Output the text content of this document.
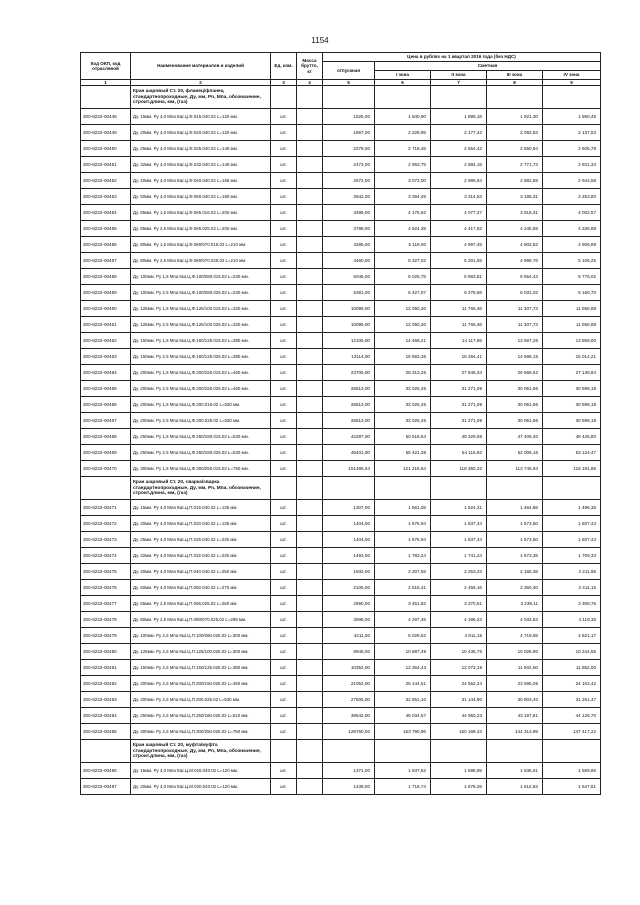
1154
Код ОКП, код отраслевой	Наименование материалов и изделий	Ед. изм.	Масса брутто, кг	Цена в рублях на 1 квартал 2016 года (без НДС)				
				отпускная	Сметная			
					I зона	II зона	III зона	IV зона
1	2	3	4	5	6	7	8	9
	Кран шаровый Ст. 20, фланец/фланец стандартнопроходные, Ду, мм, Рn, Мпа, обозначение, строит.длина, мм, (газ)							
300-8232-00448	Ду. 15мм. Ру 4,0 Мпа КШ.Ц.Ф.015.040.02 L=120 мм.	шт.		1525,00	1 840,90	1 895,18	1 921,30	1 860,45
300-8232-00449	Ду. 20мм. Ру 4,0 Мпа КШ.Ц.Ф.020.040.02 L=120 мм.	шт.		1867,00	2 229,95	2 177,42	2 092,53	2 137,53
300-8232-00450	Ду. 25мм. Ру 4,0 Мпа КШ.Ц.Ф.025.040.02 L=140 мм.	шт.		2278,00	2 718,45	2 654,42	2 550,94	2 605,79
300-8232-00451	Ду. 32мм. Ру 4,0 Мпа КШ.Ц.Ф.032.040.02 L=140 мм.	шт.		2473,00	2 953,75	2 884,15	2 771,73	2 831,34
300-8232-00452	Ду. 40мм. Ру 4,0 Мпа КШ.Ц.Ф.040.040.02 L=165 мм.	шт.		2572,00	3 072,00	2 999,64	2 882,59	2 944,58
300-8232-00453	Ду. 50мм. Ру 4,0 Мпа КШ.Ц.Ф.050.040.02 L=180 мм.	шт.		2842,00	3 394,49	3 314,53	3 185,31	3 253,80
300-8232-00454	Ду. 65мм. Ру 1,6 Мпа КШ.Ц.Ф.065.016.02 L=200 мм.	шт.		3496,00	4 175,62	4 077,27	3 918,31	4 002,57
300-8232-00455	Ду. 65мм. Ру 2,5 Мпа КШ.Ц.Ф.065.025.02 L=200 мм.	шт.		3788,00	4 524,39	4 417,82	4 245,59	4 336,88
300-8232-00456	Ду. 80мм. Ру 1,6 Мпа КШ.Ц.Ф.080/070.016.02 L=210 мм.	шт.		4285,00	5 118,00	4 997,45	4 802,62	4 905,89
300-8232-00457	Ду. 80мм. Ру 2,5 Мпа КШ.Ц.Ф.080/070.025.02 L=210 мм.	шт.		4460,00	5 327,02	5 201,55	4 998,76	5 106,25
300-8232-00458	Ду. 100мм. Ру 1,6 Мпа КШ.Ц.Ф.100/080.016.02 L=230 мм.	шт.		5045,00	6 025,75	5 883,81	5 654,43	5 776,02
300-8232-00459	Ду. 100мм. Ру 2,5 Мпа КШ.Ц.Ф.100/080.025.02 L=230 мм.	шт.		5381,00	6 427,07	6 275,68	6 031,02	6 160,70
300-8232-00460	Ду. 125мм. Ру 1,6 Мпа КШ.Ц.Ф.125/100.016.02 L=320 мм.	шт.		10086,00	12 050,30	11 766,46	11 307,73	11 550,88
300-8232-00461	Ду. 125мм. Ру 2,5 Мпа КШ.Ц.Ф.125/100.025.02 L=320 мм.	шт.		10089,00	12 050,30	11 766,46	11 307,73	11 550,88
300-8232-00462	Ду. 150мм. Ру 1,6 Мпа КШ.Ц.Ф.150/125.016.02 L=380 мм.	шт.		12105,00	14 458,21	14 117,65	13 567,26	13 859,00
300-8232-00463	Ду. 150мм. Ру 2,5 Мпа КШ.Ц.Ф.150/125.025.02 L=380 мм.	шт.		13114,00	15 663,36	15 294,41	14 698,15	15 014,21
300-8232-00464	Ду. 200мм. Ру 1,6 Мпа КШ.Ц.Ф.200/150.016.02 L=450 мм.	шт.		23705,00	28 313,25	27 646,34	26 568,52	27 139,84
300-8232-00465	Ду. 200мм. Ру 2,5 Мпа КШ.Ц.Ф.200/150.025.02 L=450 мм.	шт.		26813,00	32 025,45	31 271,09	30 051,96	30 698,18
300-8232-00466	Ду. 200мм. Ру 1,6 Мпа КШ.Ц.Ф.200.016.02 L=530 мм.	шт.		26813,00	32 025,45	31 271,09	30 051,96	30 698,18
300-8232-00467	Ду. 200мм. Ру 2,5 Мпа КШ.Ц.Ф.200.025.02 L=530 мм.	шт.		26813,00	32 025,45	31 271,09	30 051,96	30 698,18
300-8232-00468	Ду. 250мм. Ру 1,6 Мпа КШ.Ц.Ф.250/180.016.02 L=530 мм.	шт.		42287,00	50 519,54	49 329,58	47 406,40	48 425,80
300-8232-00469	Ду. 250мм. Ру 2,5 Мпа КШ.Ц.Ф.250/180.025.02 L=530 мм.	шт.		46401,00	55 421,38	54 115,92	52 006,16	53 124,47
300-8232-00470	Ду. 300мм. Ру 1,6 Мпа КШ.Ц.Ф.300/250.016.02 L=750 мм.	шт.		101486,54	121 215,54	118 360,32	113 745,94	116 191,86
	Кран шаровый Ст. 20, сварка/сварка стандартнопроходные, Ду, мм, Рn, Мпа, обозначение, строит.длина, мм, (газ)							
300-8232-00471	Ду. 15мм. Ру 4,0 Мпа КШ.Ц.П.015.040.02 L=135 мм.	шт.		1307,00	1 561,08	1 524,31	1 464,88	1 496,36
300-8232-00472	Ду. 20мм. Ру 4,0 Мпа КШ.Ц.П.020.040.02 L=135 мм.	шт.		1404,00	1 676,94	1 637,44	1 573,60	1 607,44
300-8232-00473	Ду. 25мм. Ру 4,0 Мпа КШ.Ц.П.025.040.02 L=230 мм.	шт.		1404,00	1 676,94	1 637,44	1 573,60	1 607,44
300-8232-00474	Ду. 32мм. Ру 4,0 Мпа КШ.Ц.П.032.040.02 L=230 мм.	шт.		1493,00	1 783,24	1 741,24	1 673,35	1 709,33
300-8232-00475	Ду. 40мм. Ру 4,0 Мпа КШ.Ц.П.040.040.02 L=250 мм.	шт.		1932,00	2 307,58	2 253,23	2 165,38	2 211,95
300-8232-00476	Ду. 50мм. Ру 4,0 Мпа КШ.Ц.П.050.040.02 L=270 мм.	шт.		2106,00	2 515,41	2 456,16	2 360,40	2 411,15
300-8232-00477	Ду. 65мм. Ру 2,5 Мпа КШ.Ц.П.065.025.02 L=260 мм.	шт.		2890,00	3 451,82	3 370,51	3 239,11	3 308,76
300-8232-00478	Ду. 80мм. Ру 2,5 Мпа КШ.Ц.П.080/070.025.02 L=289 мм.	шт.		3598,00	4 297,45	4 196,23	4 032,63	4 119,35
300-8232-00479	Ду. 100мм. Ру 2,5 Мпа КШ.Ц.П.100/080.025.02 L=300 мм.	шт.		4211,00	5 029,52	4 911,15	4 719,68	4 821,17
300-8232-00480	Ду. 125мм. Ру 2,5 Мпа КШ.Ц.П.125/100.025.02 L=300 мм.	шт.		8948,00	10 687,49	10 435,76	10 028,90	10 244,55
300-8232-00481	Ду. 150мм. Ру 2,5 Мпа КШ.Ц.П.150/125.025.02 L=380 мм.	шт.		10352,00	12 364,43	12 073,19	11 602,50	11 852,00
300-8232-00482	Ду. 200мм. Ру 2,5 Мпа КШ.Ц.П.200/150.025.02 L=450 мм.	шт.		21052,00	25 144,51	24 552,24	23 595,05	24 102,42
300-8232-00483	Ду. 200мм. Ру 2,5 Мпа КШ.Ц.П.200.025.02 L=530 мм.	шт.		27505,00	32 851,10	31 144,90	30 803,40	31 261,47
300-8232-00484	Ду. 250мм. Ру 2,5 Мпа КШ.Ц.П.250/180.025.02 L=510 мм.	шт.		38542,00	46 034,57	44 950,23	43 197,81	44 126,70
300-8232-00485	Ду. 300мм. Ру 2,5 Мпа КШ.Ц.П.300/250.025.02 L=750 мм.	шт.		128760,00	153 790,96	150 168,43	144 313,99	147 417,22
	Кран шаровый Ст. 20, муфта/муфта стандартнопроходные, Ду, мм, Рn, Мпа, обозначение, строит.длина, мм, (газ)							
300-8232-00486	Ду. 15мм. Ру 4,0 Мпа КШ.Ц.М.015.040.02 L=120 мм.	шт.		1371,00	1 637,52	1 598,95	1 536,61	1 569,66
300-8232-00487	Ду. 20мм. Ру 4,0 Мпа КШ.Ц.М.020.040.02 L=120 мм.	шт.		1439,00	1 718,74	1 678,26	1 612,83	1 647,51
